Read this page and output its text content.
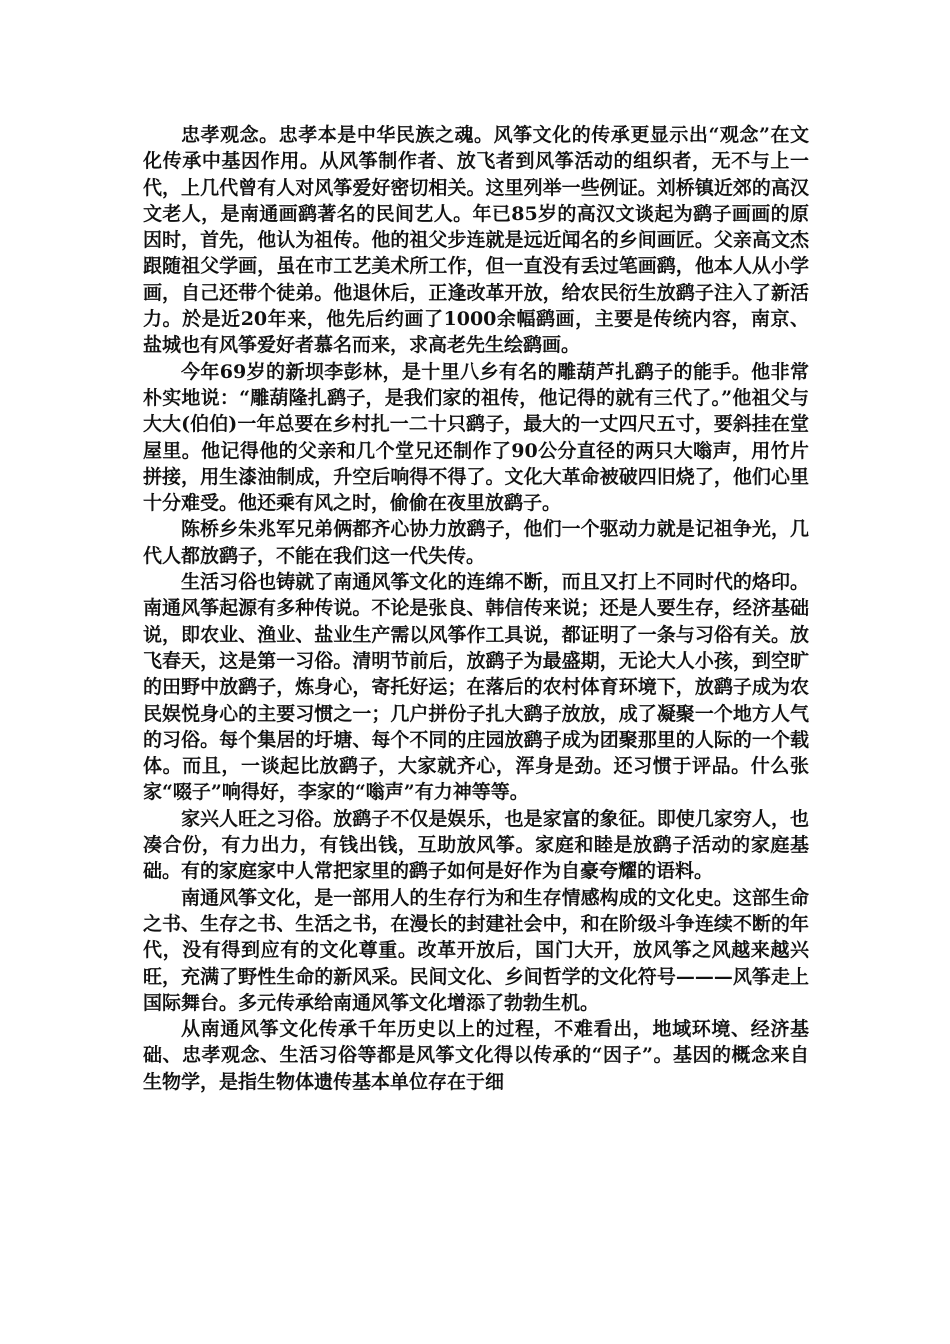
忠孝观念。忠孝本是中华民族之魂。风筝文化的传承更显示出“观念”在文化传承中基因作用。从风筝制作者、放飞者到风筝活动的组织者，无不与上一代，上几代曾有人对风筝爱好密切相关。这里列举一些例证。刘桥镇近郊的高汉文老人，是南通画鹞著名的民间艺人。年已85岁的高汉文谈起为鹞子画画的原因时，首先，他认为祖传。他的祖父步连就是远近闻名的乡间画匠。父亲高文杰跟随祖父学画，虽在市工艺美术所工作，但一直没有丢过笔画鹞，他本人从小学画，自己还带个徒弟。他退休后，正逢改革开放，给农民衍生放鹞子注入了新活力。於是近20年来，他先后约画了1000余幅鹞画，主要是传统内容，南京、盐城也有风筝爱好者慕名而来，求高老先生绘鹞画。

今年69岁的新坝李彭林，是十里八乡有名的雕葫芦扎鹞子的能手。他非常朴实地说：“雕葫隆扎鹞子，是我们家的祖传，他记得的就有三代了。”他祖父与大大(伯伯)一年总要在乡村扎一二十只鹞子，最大的一丈四尺五寸，要斜挂在堂屋里。他记得他的父亲和几个堂兄还制作了90公分直径的两只大嗡声，用竹片拼接，用生漆油制成，升空后响得不得了。文化大革命被破四旧烧了，他们心里十分难受。他还乘有风之时，偷偷在夜里放鹞子。

陈桥乡朱兆军兄弟俩都齐心协力放鹞子，他们一个驱动力就是记祖争光，几代人都放鹞子，不能在我们这一代失传。

生活习俗也铸就了南通风筝文化的连绵不断，而且又打上不同时代的烙印。南通风筝起源有多种传说。不论是张良、韩信传来说；还是人要生存，经济基础说，即农业、渔业、盐业生产需以风筝作工具说，都证明了一条与习俗有关。放飞春天，这是第一习俗。清明节前后，放鹞子为最盛期，无论大人小孩，到空旷的田野中放鹞子，炼身心，寄托好运；在落后的农村体育环境下，放鹞子成为农民娱悦身心的主要习惯之一；几户拼份子扎大鹞子放放，成了凝聚一个地方人气的习俗。每个集居的圩塘、每个不同的庄园放鹞子成为团聚那里的人际的一个载体。而且，一谈起比放鹞子，大家就齐心，浑身是劲。还习惯于评品。什么张家“啜子”响得好，李家的“嗡声”有力神等等。

家兴人旺之习俗。放鹞子不仅是娱乐，也是家富的象征。即使几家穷人，也凑合份，有力出力，有钱出钱，互助放风筝。家庭和睦是放鹞子活动的家庭基础。有的家庭家中人常把家里的鹞子如何是好作为自豪夸耀的语料。

南通风筝文化，是一部用人的生存行为和生存情感构成的文化史。这部生命之书、生存之书、生活之书，在漫长的封建社会中，和在阶级斗争连续不断的年代，没有得到应有的文化尊重。改革开放后，国门大开，放风筝之风越来越兴旺，充满了野性生命的新风采。民间文化、乡间哲学的文化符号———风筝走上国际舞台。多元传承给南通风筝文化增添了勃勃生机。

从南通风筝文化传承千年历史以上的过程，不难看出，地域环境、经济基础、忠孝观念、生活习俗等都是风筝文化得以传承的“因子”。基因的概念来自生物学，是指生物体遗传基本单位存在于细
